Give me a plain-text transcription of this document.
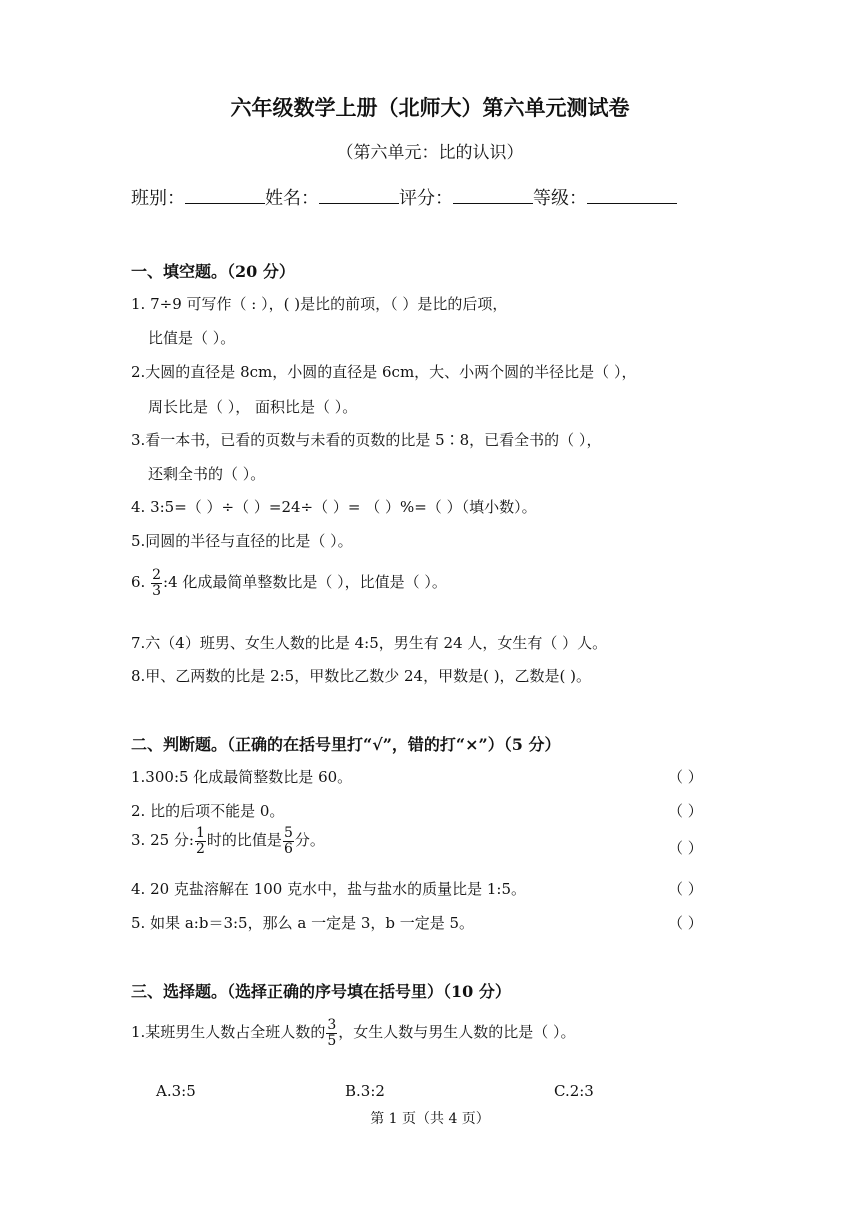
六年级数学上册（北师大）第六单元测试卷
（第六单元：比的认识）
班别：	姓名：	评分：	等级：
一、填空题。（20 分）
1. 7÷9 可写作（ : ），( )是比的前项，（ ）是比的后项，
比值是（ ）。
2.大圆的直径是 8cm，小圆的直径是 6cm，大、小两个圆的半径比是（ ），
周长比是（ ）， 面积比是（ ）。
3.看一本书，已看的页数与未看的页数的比是 5∶8，已看全书的（ ），
还剩全书的（ ）。
4. 3:5=（ ）÷（ ）=24÷（ ）= （ ）%=（ ）（填小数）。
5.同圆的半径与直径的比是（ ）。
6. $\frac{2}{3}$ :4 化成最简单整数比是（ ），比值是（ ）。
7.六（4）班男、女生人数的比是 4:5，男生有 24 人，女生有（ ）人。
8.甲、乙两数的比是 2:5，甲数比乙数少 24，甲数是( )，乙数是( )。
二、判断题。（正确的在括号里打“√”，错的打“×”）（5 分）
1.300:5 化成最简整数比是 60。	（ ）
2. 比的后项不能是 0。	（ ）
3. 25 分: $\frac{1}{2}$ 时的比值是 $\frac{5}{6}$ 分。	（ ）
4. 20 克盐溶解在 100 克水中，盐与盐水的质量比是 1:5。	（ ）
5. 如果 a:b＝3:5，那么 a 一定是 3，b 一定是 5。	（ ）
三、选择题。（选择正确的序号填在括号里）（10 分）
1.某班男生人数占全班人数的 $\frac{3}{5}$ ，女生人数与男生人数的比是（ ）。
A.3:5	B.3:2	C.2:3
第 1 页（共 4 页）
